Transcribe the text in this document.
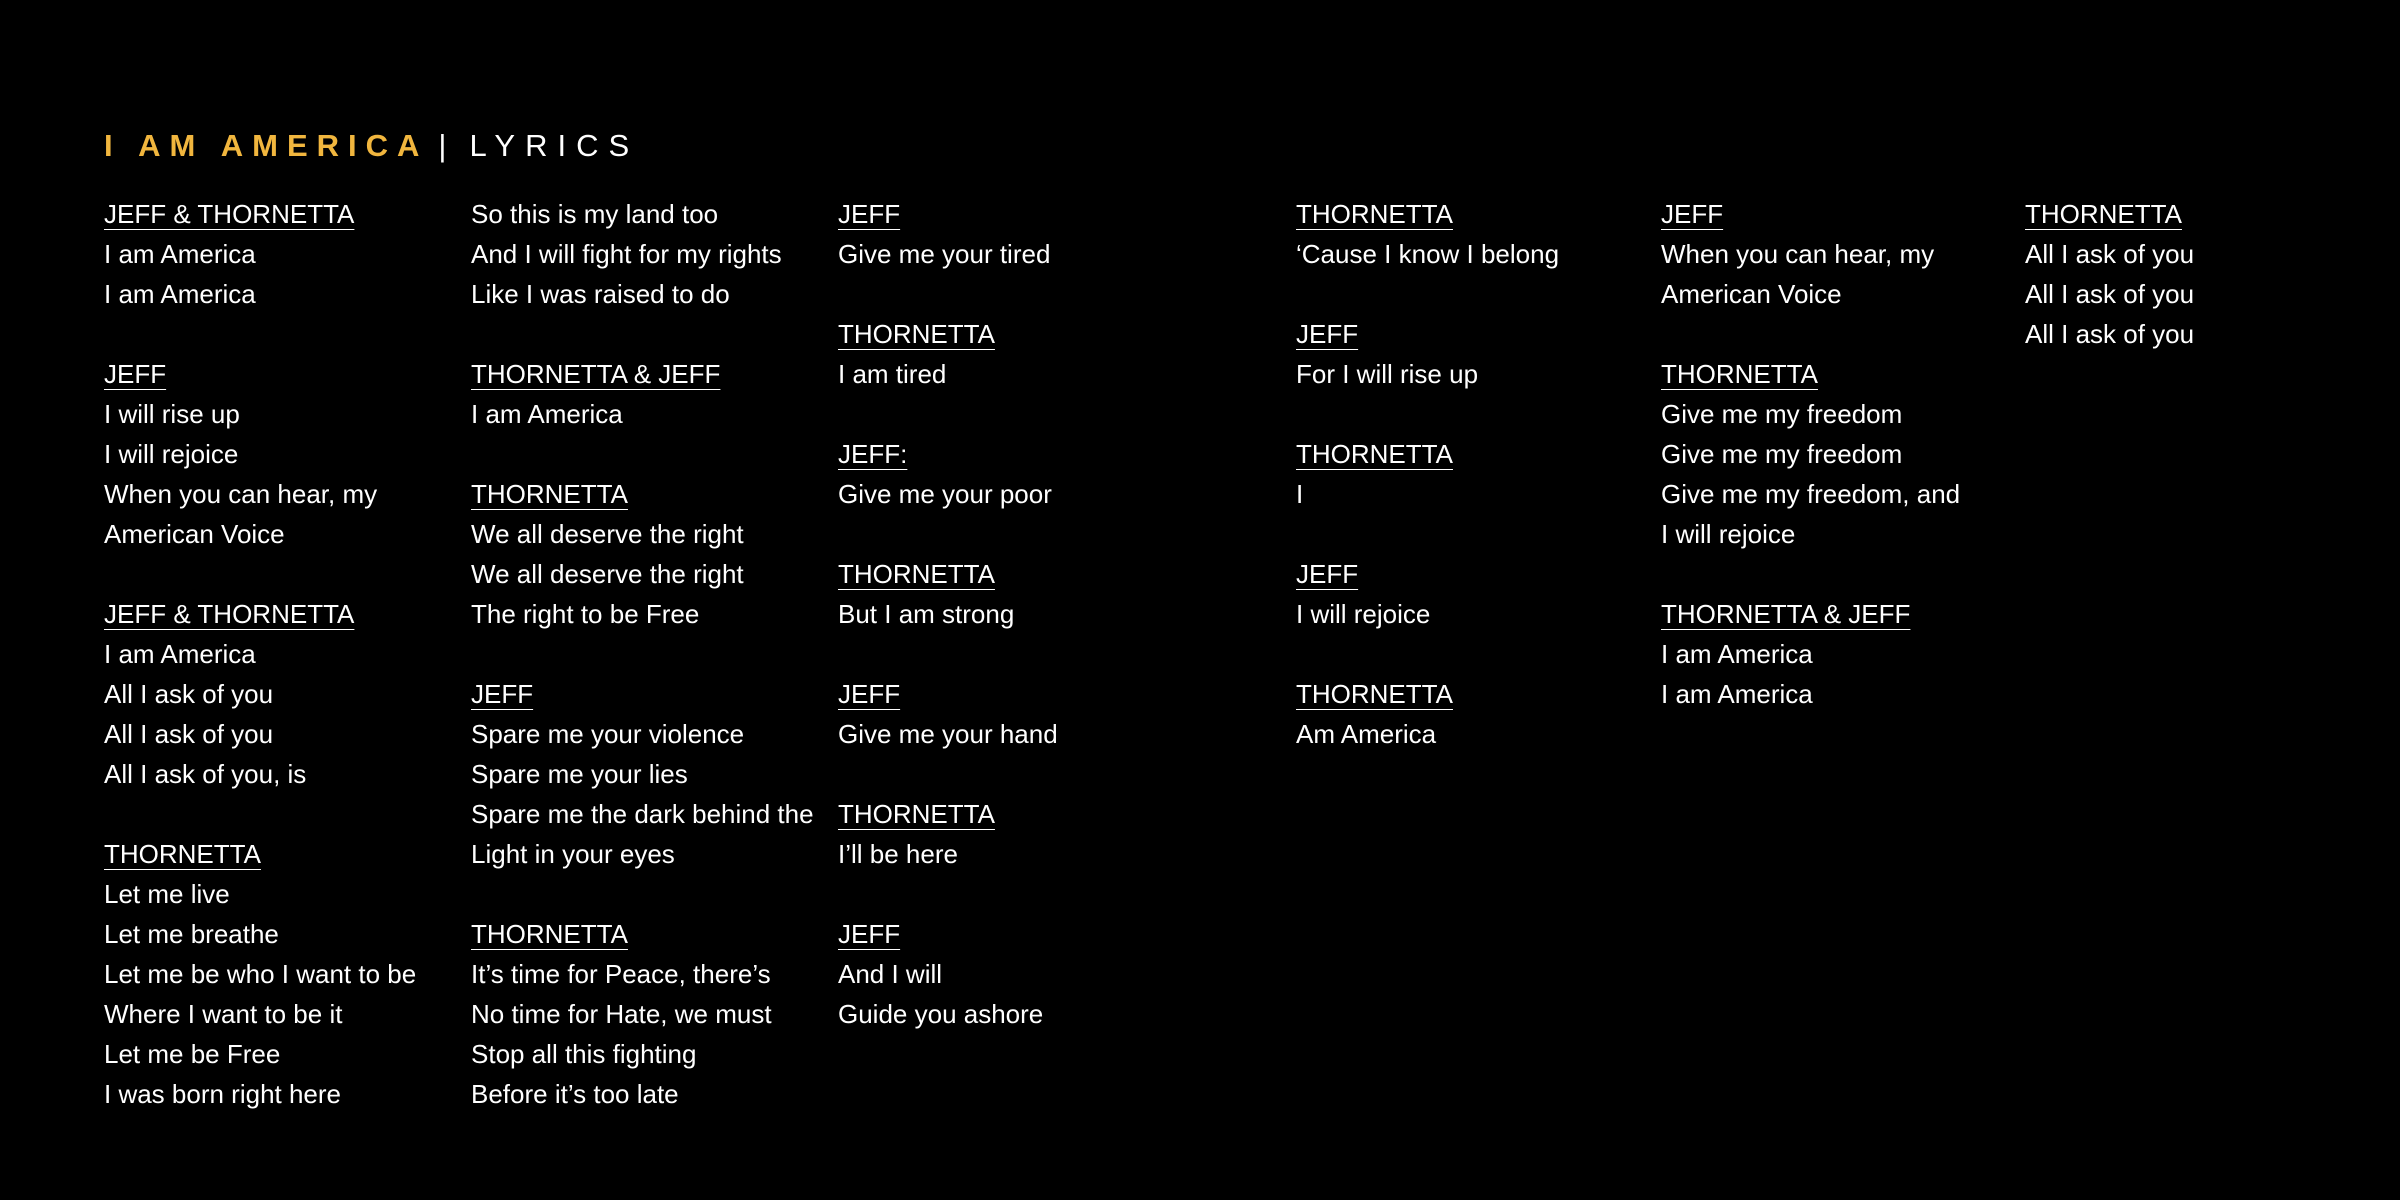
I AM AMERICA | LYRICS
JEFF & THORNETTA
I am America
I am America
JEFF
I will rise up
I will rejoice
When you can hear, my
American Voice
JEFF & THORNETTA
I am America
All I ask of you
All I ask of you
All I ask of you, is
THORNETTA
Let me live
Let me breathe
Let me be who I want to be
Where I want to be it
Let me be Free
I was born right here
So this is my land too
And I will fight for my rights
Like I was raised to do
THORNETTA & JEFF
I am America
THORNETTA
We all deserve the right
We all deserve the right
The right to be Free
JEFF
Spare me your violence
Spare me your lies
Spare me the dark behind the
Light in your eyes
THORNETTA
It’s time for Peace, there’s
No time for Hate, we must
Stop all this fighting
Before it’s too late
JEFF
Give me your tired
THORNETTA
I am tired
JEFF:
Give me your poor
THORNETTA
But I am strong
JEFF
Give me your hand
THORNETTA
I’ll be here
JEFF
And I will
Guide you ashore
THORNETTA
‘Cause I know I belong
JEFF
For I will rise up
THORNETTA
I
JEFF
I will rejoice
THORNETTA
Am America
JEFF
When you can hear, my
American Voice
THORNETTA
Give me my freedom
Give me my freedom
Give me my freedom, and
I will rejoice
THORNETTA & JEFF
I am America
I am America
THORNETTA
All I ask of you
All I ask of you
All I ask of you
